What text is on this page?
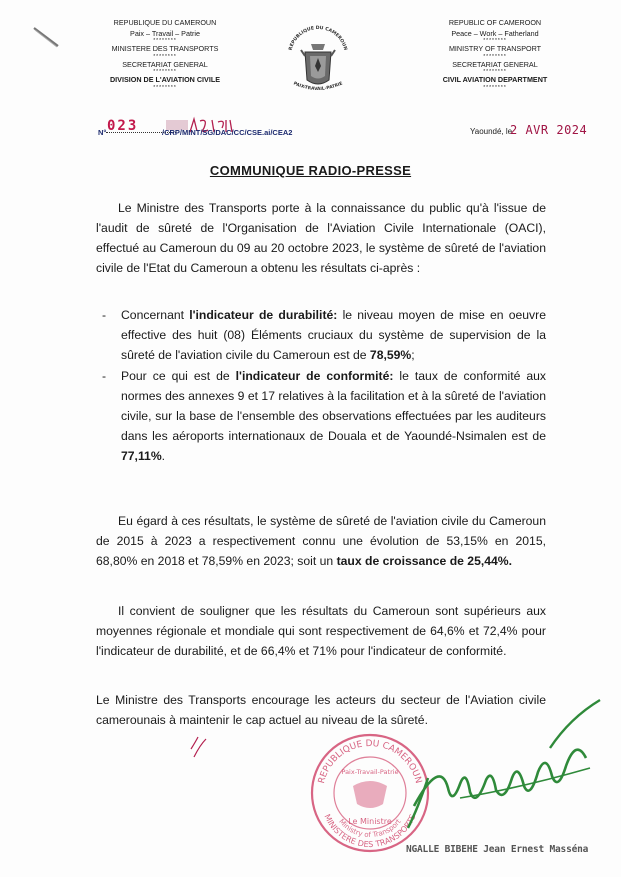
REPUBLIQUE DU CAMEROUN
Paix – Travail – Patrie
********
MINISTERE DES TRANSPORTS
********
SECRETARIAT GENERAL
********
DIVISION DE L'AVIATION CIVILE
********
REPUBLIQUE DU CAMEROUN
PAIX-TRAVAIL-PATRIE
REPUBLIC OF CAMEROON
Peace – Work – Fatherland
********
MINISTRY OF TRANSPORT
********
SECRETARIAT GENERAL
********
CIVIL AVIATION DEPARTMENT
********
N° 023	/CRP/MINT/SG/DAC/CC/CSE.ai/CEA2	Yaoundé, le
2 AVR 2024
COMMUNIQUE RADIO-PRESSE
Le Ministre des Transports porte à la connaissance du public qu'à l'issue de l'audit de sûreté de l'Organisation de l'Aviation Civile Internationale (OACI), effectué au Cameroun du 09 au 20 octobre 2023, le système de sûreté de l'aviation civile de l'Etat du Cameroun a obtenu les résultats ci-après :
- Concernant l'indicateur de durabilité: le niveau moyen de mise en oeuvre effective des huit (08) Éléments cruciaux du système de supervision de la sûreté de l'aviation civile du Cameroun est de 78,59%;
- Pour ce qui est de l'indicateur de conformité: le taux de conformité aux normes des annexes 9 et 17 relatives à la facilitation et à la sûreté de l'aviation civile, sur la base de l'ensemble des observations effectuées par les auditeurs dans les aéroports internationaux de Douala et de Yaoundé-Nsimalen est de 77,11%.
Eu égard à ces résultats, le système de sûreté de l'aviation civile du Cameroun de 2015 à 2023 a respectivement connu une évolution de 53,15% en 2015, 68,80% en 2018 et 78,59% en 2023; soit un taux de croissance de 25,44%.
Il convient de souligner que les résultats du Cameroun sont supérieurs aux moyennes régionale et mondiale qui sont respectivement de 64,6% et 72,4% pour l'indicateur de durabilité, et de 66,4% et 71% pour l'indicateur de conformité.
Le Ministre des Transports encourage les acteurs du secteur de l'Aviation civile camerounais à maintenir le cap actuel au niveau de la sûreté.
REPUBLIQUE DU CAMEROUN
MINISTERE DES TRANSPORTS
Ministry of Transport
Paix-Travail-Patrie
Le Ministre
NGALLE BIBEHE Jean Ernest Masséna
